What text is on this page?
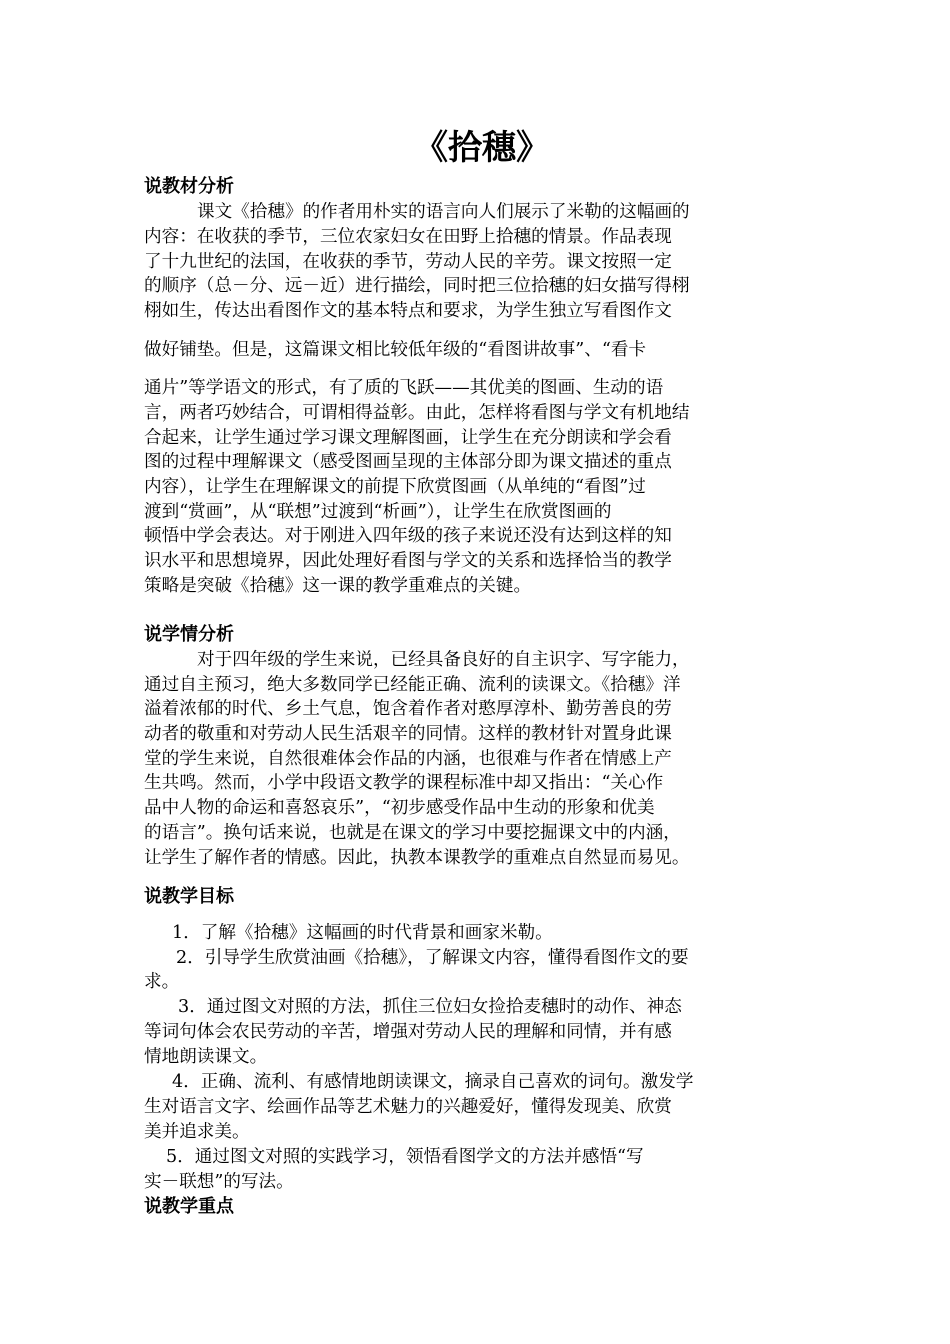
《拾穗》
说教材分析
课文《拾穗》的作者用朴实的语言向人们展示了米勒的这幅画的
内容：在收获的季节，三位农家妇女在田野上拾穗的情景。作品表现
了十九世纪的法国，在收获的季节，劳动人民的辛劳。课文按照一定
的顺序（总－分、远－近）进行描绘，同时把三位拾穗的妇女描写得栩
栩如生，传达出看图作文的基本特点和要求，为学生独立写看图作文
做好铺垫。但是，这篇课文相比较低年级的“看图讲故事”、“看卡
通片”等学语文的形式，有了质的飞跃——其优美的图画、生动的语
言，两者巧妙结合，可谓相得益彰。由此，怎样将看图与学文有机地结
合起来，让学生通过学习课文理解图画，让学生在充分朗读和学会看
图的过程中理解课文（感受图画呈现的主体部分即为课文描述的重点
内容），让学生在理解课文的前提下欣赏图画（从单纯的“看图”过
渡到“赏画”，从“联想”过渡到“析画”），让学生在欣赏图画的
顿悟中学会表达。对于刚进入四年级的孩子来说还没有达到这样的知
识水平和思想境界，因此处理好看图与学文的关系和选择恰当的教学
策略是突破《拾穗》这一课的教学重难点的关键。
说学情分析
对于四年级的学生来说，已经具备良好的自主识字、写字能力，
通过自主预习，绝大多数同学已经能正确、流利的读课文。《拾穗》洋
溢着浓郁的时代、乡土气息，饱含着作者对憨厚淳朴、勤劳善良的劳
动者的敬重和对劳动人民生活艰辛的同情。这样的教材针对置身此课
堂的学生来说，自然很难体会作品的内涵，也很难与作者在情感上产
生共鸣。然而，小学中段语文教学的课程标准中却又指出：“关心作
品中人物的命运和喜怒哀乐”，“初步感受作品中生动的形象和优美
的语言”。换句话来说，也就是在课文的学习中要挖掘课文中的内涵，
让学生了解作者的情感。因此，执教本课教学的重难点自然显而易见。
说教学目标
1．了解《拾穗》这幅画的时代背景和画家米勒。
2．引导学生欣赏油画《拾穗》，了解课文内容，懂得看图作文的要
求。
3．通过图文对照的方法，抓住三位妇女捡拾麦穗时的动作、神态
等词句体会农民劳动的辛苦，增强对劳动人民的理解和同情，并有感
情地朗读课文。
4．正确、流利、有感情地朗读课文，摘录自己喜欢的词句。激发学
生对语言文字、绘画作品等艺术魅力的兴趣爱好，懂得发现美、欣赏
美并追求美。
5．通过图文对照的实践学习，领悟看图学文的方法并感悟“写
实－联想”的写法。
说教学重点
